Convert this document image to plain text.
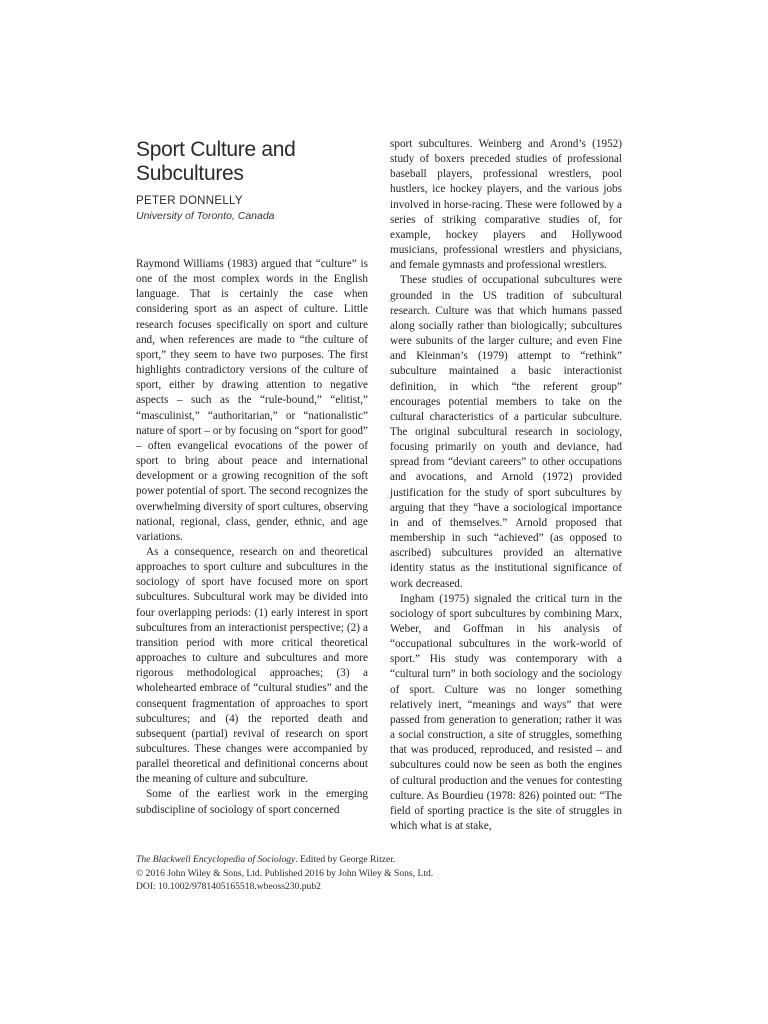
Sport Culture and Subcultures
PETER DONNELLY
University of Toronto, Canada

Raymond Williams (1983) argued that “culture” is one of the most complex words in the English language. That is certainly the case when considering sport as an aspect of culture. Little research focuses specifically on sport and culture and, when references are made to “the culture of sport,” they seem to have two purposes. The first highlights contradictory versions of the culture of sport, either by drawing attention to negative aspects – such as the “rule-bound,” “elitist,” “masculinist,” “authoritarian,” or “nationalistic” nature of sport – or by focusing on “sport for good” – often evangelical evocations of the power of sport to bring about peace and international development or a growing recognition of the soft power potential of sport. The second recognizes the overwhelming diversity of sport cultures, observing national, regional, class, gender, ethnic, and age variations.

As a consequence, research on and theoretical approaches to sport culture and subcultures in the sociology of sport have focused more on sport subcultures. Subcultural work may be divided into four overlapping periods: (1) early interest in sport subcultures from an interactionist perspective; (2) a transition period with more critical theoretical approaches to culture and subcultures and more rigorous methodological approaches; (3) a wholehearted embrace of “cultural studies” and the consequent fragmentation of approaches to sport subcultures; and (4) the reported death and subsequent (partial) revival of research on sport subcultures. These changes were accompanied by parallel theoretical and definitional concerns about the meaning of culture and subculture.

Some of the earliest work in the emerging subdiscipline of sociology of sport concerned

sport subcultures. Weinberg and Arond’s (1952) study of boxers preceded studies of professional baseball players, professional wrestlers, pool hustlers, ice hockey players, and the various jobs involved in horse-racing. These were followed by a series of striking comparative studies of, for example, hockey players and Hollywood musicians, professional wrestlers and physicians, and female gymnasts and professional wrestlers.

These studies of occupational subcultures were grounded in the US tradition of subcultural research. Culture was that which humans passed along socially rather than biologically; subcultures were subunits of the larger culture; and even Fine and Kleinman’s (1979) attempt to “rethink” subculture maintained a basic interactionist definition, in which “the referent group” encourages potential members to take on the cultural characteristics of a particular subculture. The original subcultural research in sociology, focusing primarily on youth and deviance, had spread from “deviant careers” to other occupations and avocations, and Arnold (1972) provided justification for the study of sport subcultures by arguing that they “have a sociological importance in and of themselves.” Arnold proposed that membership in such “achieved” (as opposed to ascribed) subcultures provided an alternative identity status as the institutional significance of work decreased.

Ingham (1975) signaled the critical turn in the sociology of sport subcultures by combining Marx, Weber, and Goffman in his analysis of “occupational subcultures in the work-world of sport.” His study was contemporary with a “cultural turn” in both sociology and the sociology of sport. Culture was no longer something relatively inert, “meanings and ways” that were passed from generation to generation; rather it was a social construction, a site of struggles, something that was produced, reproduced, and resisted – and subcultures could now be seen as both the engines of cultural production and the venues for contesting culture. As Bourdieu (1978: 826) pointed out: “The field of sporting practice is the site of struggles in which what is at stake,

The Blackwell Encyclopedia of Sociology. Edited by George Ritzer.
© 2016 John Wiley & Sons, Ltd. Published 2016 by John Wiley & Sons, Ltd.
DOI: 10.1002/9781405165518.wbeoss230.pub2
